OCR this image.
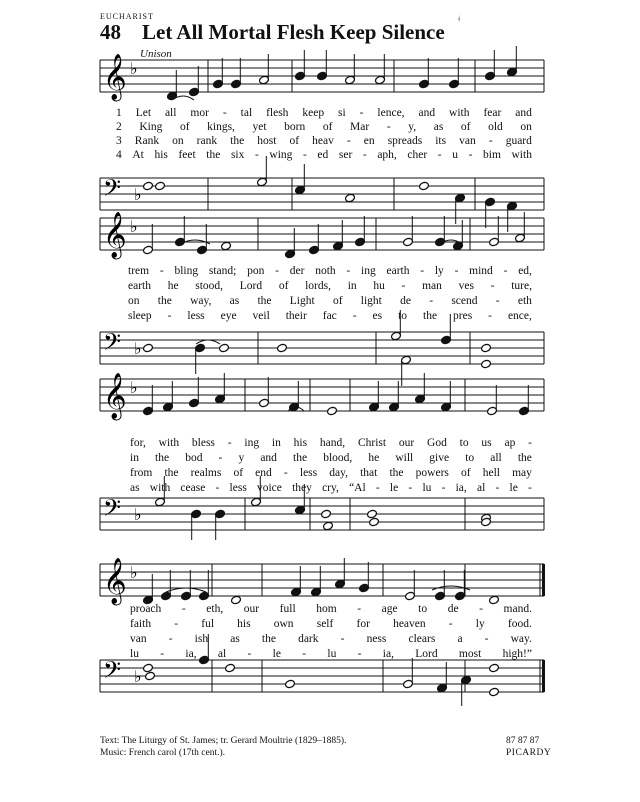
EUCHARIST
48 Let All Mortal Flesh Keep Silence
ǂ
Unison
𝄞 ♭
𝄞 ♭
𝄞 ♭
𝄞 ♭
𝄢 ♭
𝄢 ♭
𝄢 ♭
𝄢 ♭
1 Let all mor - tal flesh keep si - lence, and with fear and
2 King of kings, yet born of Mar - y, as of old on
3 Rank on rank the host of heav - en spreads its van - guard
4 At his feet the six - wing - ed ser - aph, cher - u - bim with
trem - bling stand; pon - der noth - ing earth - ly - mind - ed,
earth he stood, Lord of lords, in hu - man ves - ture,
on the way, as the Light of light de - scend - eth
sleep - less eye veil their fac - es to the pres - ence,
for, with bless - ing in his hand, Christ our God to us ap -
in the bod - y and the blood, he will give to all the
from the realms of end - less day, that the powers of hell may
as with cease - less voice they cry, “Al - le - lu - ia, al - le -
proach - eth, our full hom - age to de - mand.
faith - ful his own self for heaven - ly food.
van - ish as the dark - ness clears a - way.
lu - ia, al - le - lu - ia, Lord most high!”
Text: The Liturgy of St. James; tr. Gerard Moultrie (1829–1885).
Music: French carol (17th cent.).
87 87 87
PICARDY
